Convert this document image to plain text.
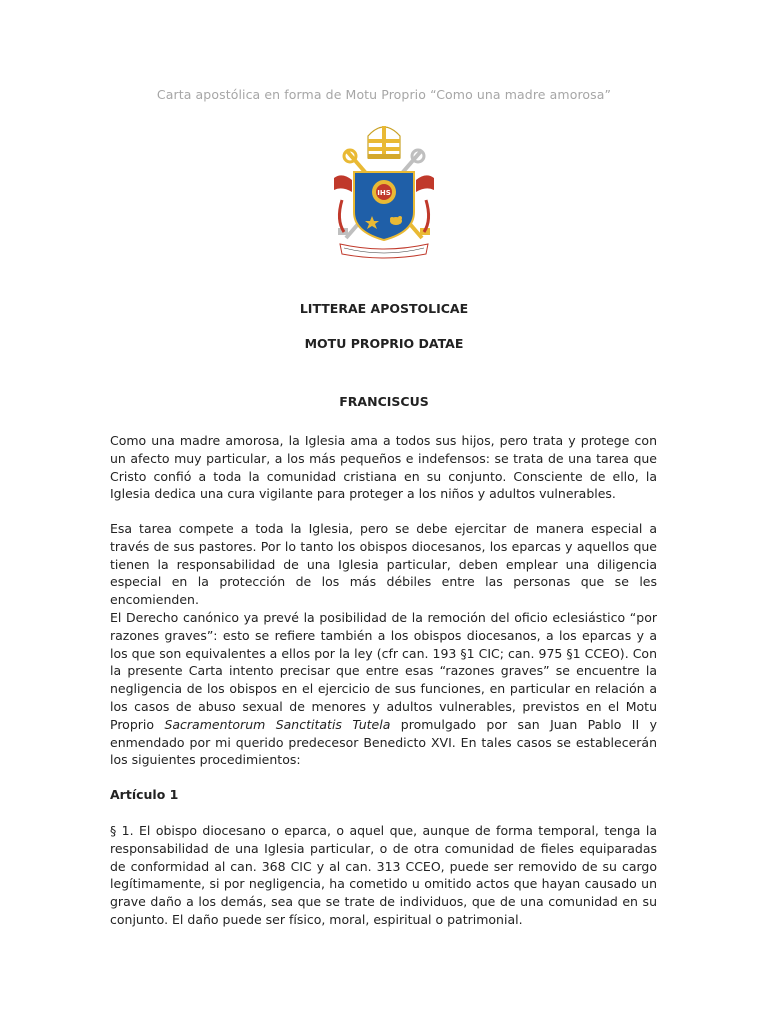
Carta apostólica en forma de Motu Proprio “Como una madre amorosa”
IHS
LITTERAE APOSTOLICAE
MOTU PROPRIO DATAE
FRANCISCUS

Como una madre amorosa, la Iglesia ama a todos sus hijos, pero trata y protege con un afecto muy particular, a los más pequeños e indefensos: se trata de una tarea que Cristo confió a toda la comunidad cristiana en su conjunto. Consciente de ello, la Iglesia dedica una cura vigilante para proteger a los niños y adultos vulnerables.

Esa tarea compete a toda la Iglesia, pero se debe ejercitar de manera especial a través de sus pastores. Por lo tanto los obispos diocesanos, los eparcas y aquellos que tienen la responsabilidad de una Iglesia particular, deben emplear una diligencia especial en la protección de los más débiles entre las personas que se les encomienden.

El Derecho canónico ya prevé la posibilidad de la remoción del oficio eclesiástico “por razones graves”: esto se refiere también a los obispos diocesanos, a los eparcas y a los que son equivalentes a ellos por la ley (cfr can. 193 §1 CIC; can. 975 §1 CCEO). Con la presente Carta intento precisar que entre esas “razones graves” se encuentre la negligencia de los obispos en el ejercicio de sus funciones, en particular en relación a los casos de abuso sexual de menores y adultos vulnerables, previstos en el Motu Proprio Sacramentorum Sanctitatis Tutela promulgado por san Juan Pablo II y enmendado por mi querido predecesor Benedicto XVI. En tales casos se establecerán los siguientes procedimientos:

Artículo 1

§ 1. El obispo diocesano o eparca, o aquel que, aunque de forma temporal, tenga la responsabilidad de una Iglesia particular, o de otra comunidad de fieles equiparadas de conformidad al can. 368 CIC y al can. 313 CCEO, puede ser removido de su cargo legítimamente, si por negligencia, ha cometido u omitido actos que hayan causado un grave daño a los demás, sea que se trate de individuos, que de una comunidad en su conjunto. El daño puede ser físico, moral, espiritual o patrimonial.
